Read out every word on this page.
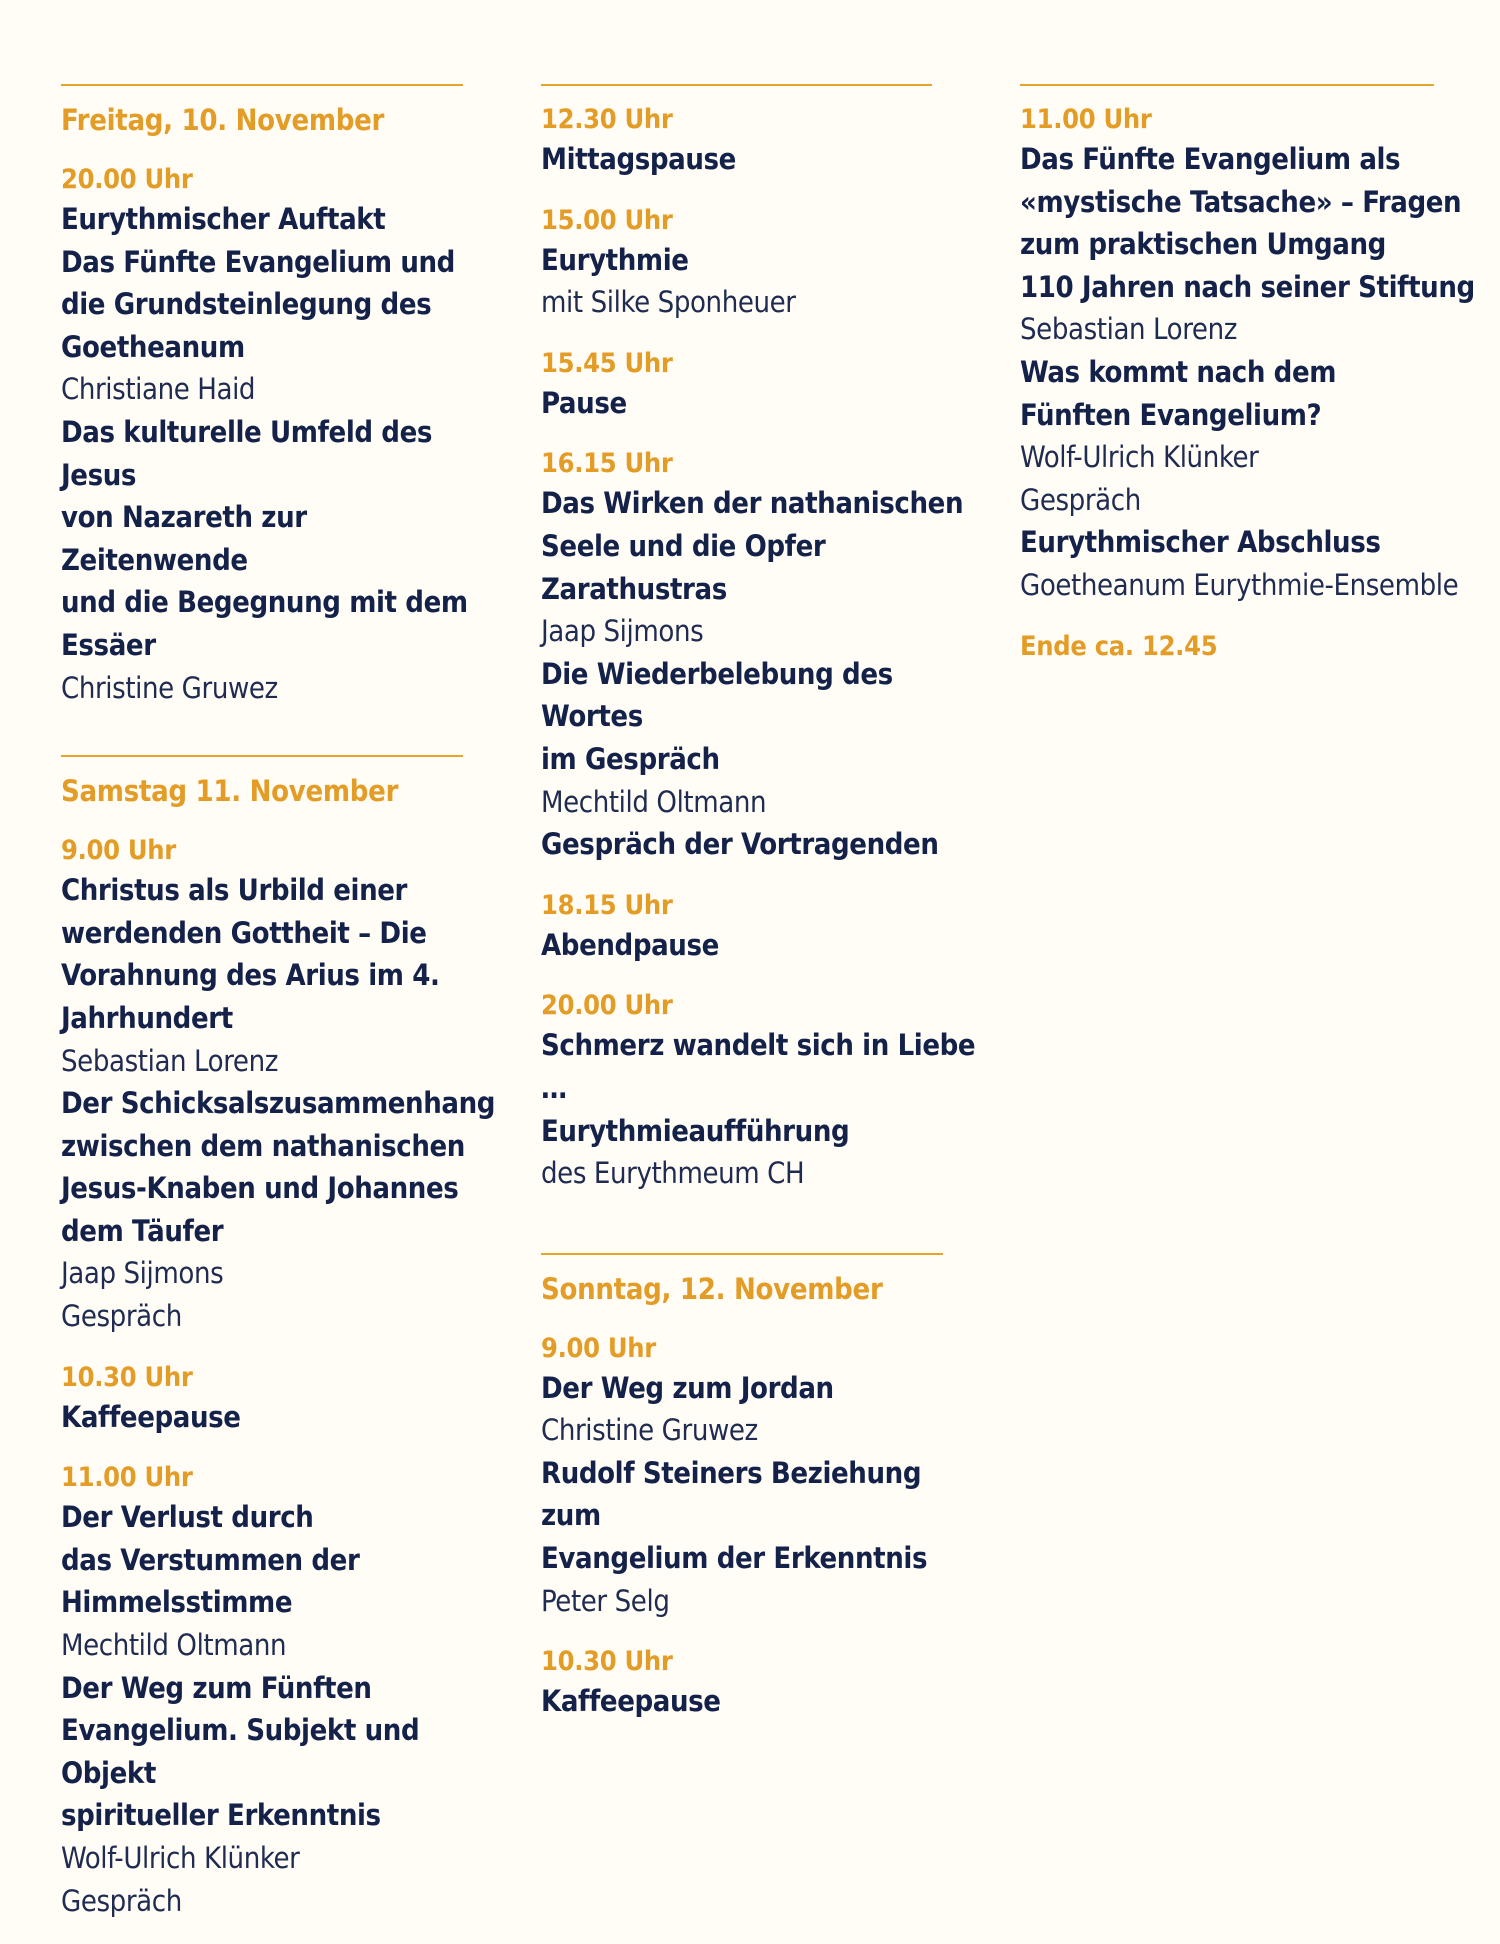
Freitag, 10. November
20.00 Uhr
Eurythmischer Auftakt
Das Fünfte Evangelium und
die Grundsteinlegung des
Goetheanum
Christiane Haid
Das kulturelle Umfeld des Jesus
von Nazareth zur Zeitenwende
und die Begegnung mit dem
Essäer
Christine Gruwez
Samstag 11. November
9.00 Uhr
Christus als Urbild einer
werdenden Gottheit – Die
Vorahnung des Arius im 4.
Jahrhundert
Sebastian Lorenz
Der Schicksalszusammenhang
zwischen dem nathanischen
Jesus-Knaben und Johannes
dem Täufer
Jaap Sijmons
Gespräch
10.30 Uhr
Kaffeepause
11.00 Uhr
Der Verlust durch
das Verstummen der
Himmelsstimme
Mechtild Oltmann
Der Weg zum Fünften
Evangelium. Subjekt und Objekt
spiritueller Erkenntnis
Wolf-Ulrich Klünker
Gespräch
12.30 Uhr
Mittagspause
15.00 Uhr
Eurythmie
mit Silke Sponheuer
15.45 Uhr
Pause
16.15 Uhr
Das Wirken der nathanischen
Seele und die Opfer
Zarathustras
Jaap Sijmons
Die Wiederbelebung des Wortes
im Gespräch
Mechtild Oltmann
Gespräch der Vortragenden
18.15 Uhr
Abendpause
20.00 Uhr
Schmerz wandelt sich in Liebe …
Eurythmieaufführung
des Eurythmeum CH
Sonntag, 12. November
9.00 Uhr
Der Weg zum Jordan
Christine Gruwez
Rudolf Steiners Beziehung zum
Evangelium der Erkenntnis
Peter Selg
10.30 Uhr
Kaffeepause
11.00 Uhr
Das Fünfte Evangelium als
«mystische Tatsache» – Fragen
zum praktischen Umgang
110 Jahren nach seiner Stiftung
Sebastian Lorenz
Was kommt nach dem
Fünften Evangelium?
Wolf-Ulrich Klünker
Gespräch
Eurythmischer Abschluss
Goetheanum Eurythmie-Ensemble
Ende ca. 12.45
